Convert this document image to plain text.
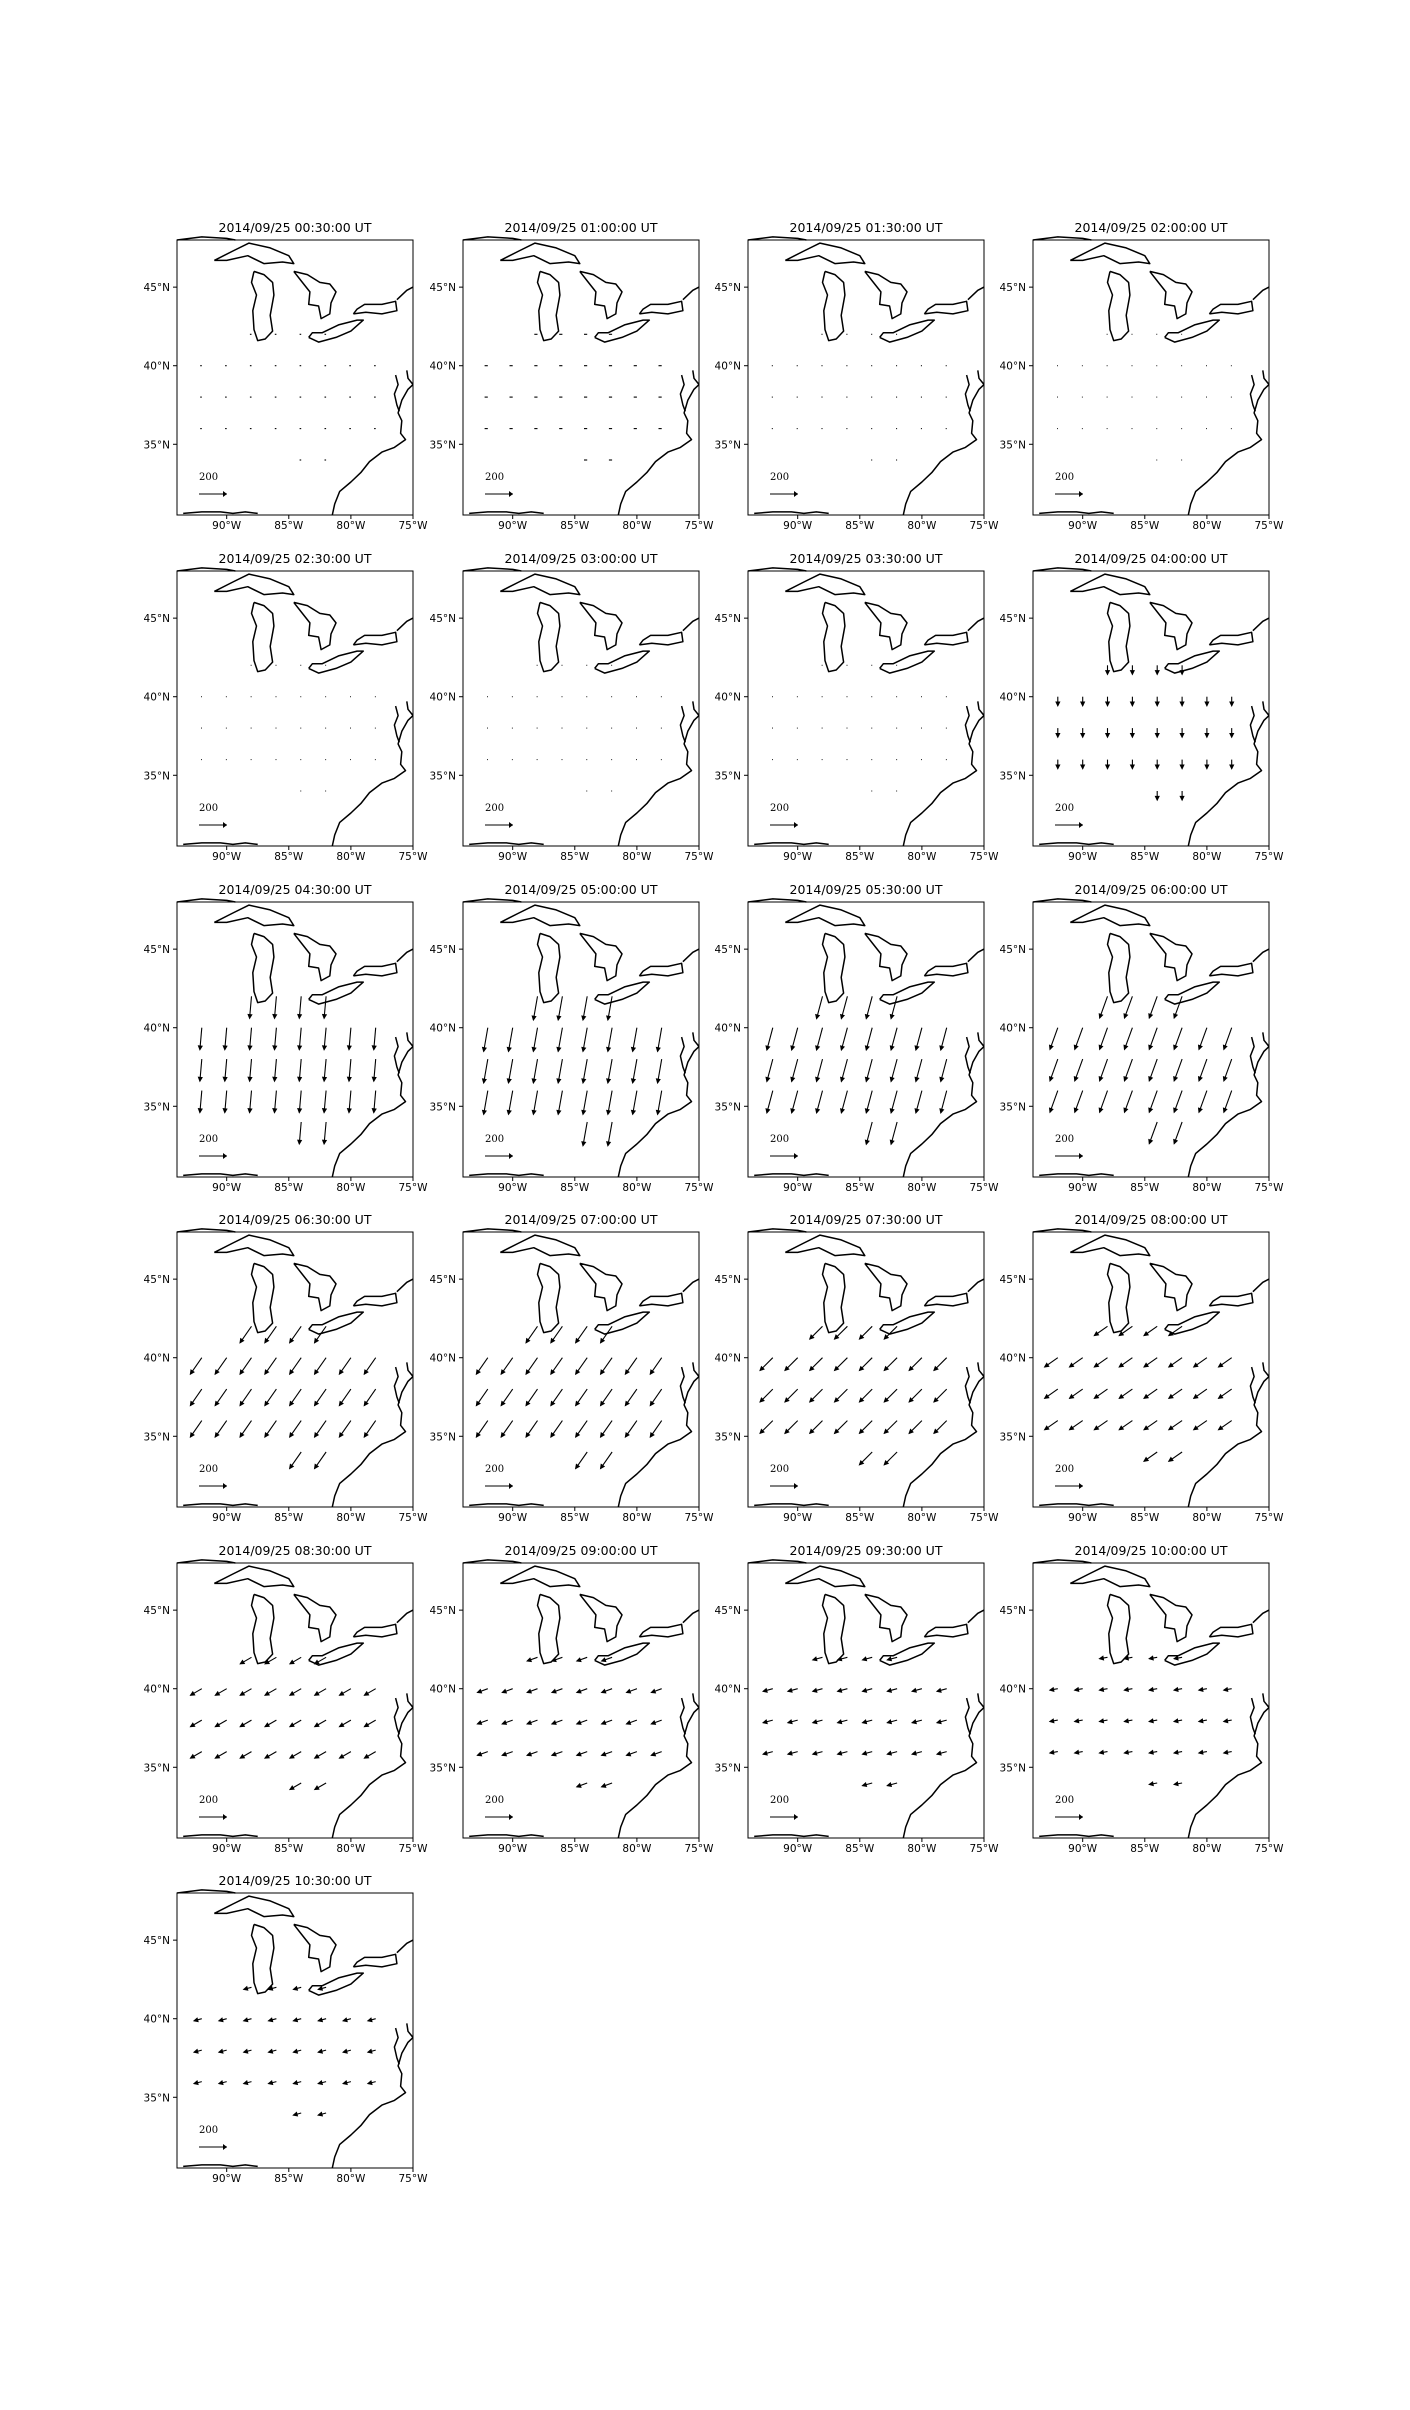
2014/09/25 00:30:00 UT
200
90°W	85°W	80°W	75°W
45°N
40°N
35°N
2014/09/25 01:00:00 UT
200
90°W	85°W	80°W	75°W
45°N
40°N
35°N
2014/09/25 01:30:00 UT
200
90°W	85°W	80°W	75°W
45°N
40°N
35°N
2014/09/25 02:00:00 UT
200
90°W	85°W	80°W	75°W
45°N
40°N
35°N
2014/09/25 02:30:00 UT
200
90°W	85°W	80°W	75°W
45°N
40°N
35°N
2014/09/25 03:00:00 UT
200
90°W	85°W	80°W	75°W
45°N
40°N
35°N
2014/09/25 03:30:00 UT
200
90°W	85°W	80°W	75°W
45°N
40°N
35°N
2014/09/25 04:00:00 UT
200
90°W	85°W	80°W	75°W
45°N
40°N
35°N
2014/09/25 04:30:00 UT
200
90°W	85°W	80°W	75°W
45°N
40°N
35°N
2014/09/25 05:00:00 UT
200
90°W	85°W	80°W	75°W
45°N
40°N
35°N
2014/09/25 05:30:00 UT
200
90°W	85°W	80°W	75°W
45°N
40°N
35°N
2014/09/25 06:00:00 UT
200
90°W	85°W	80°W	75°W
45°N
40°N
35°N
2014/09/25 06:30:00 UT
200
90°W	85°W	80°W	75°W
45°N
40°N
35°N
2014/09/25 07:00:00 UT
200
90°W	85°W	80°W	75°W
45°N
40°N
35°N
2014/09/25 07:30:00 UT
200
90°W	85°W	80°W	75°W
45°N
40°N
35°N
2014/09/25 08:00:00 UT
200
90°W	85°W	80°W	75°W
45°N
40°N
35°N
2014/09/25 08:30:00 UT
200
90°W	85°W	80°W	75°W
45°N
40°N
35°N
2014/09/25 09:00:00 UT
200
90°W	85°W	80°W	75°W
45°N
40°N
35°N
2014/09/25 09:30:00 UT
200
90°W	85°W	80°W	75°W
45°N
40°N
35°N
2014/09/25 10:00:00 UT
200
90°W	85°W	80°W	75°W
45°N
40°N
35°N
2014/09/25 10:30:00 UT
200
90°W	85°W	80°W	75°W
45°N
40°N
35°N
